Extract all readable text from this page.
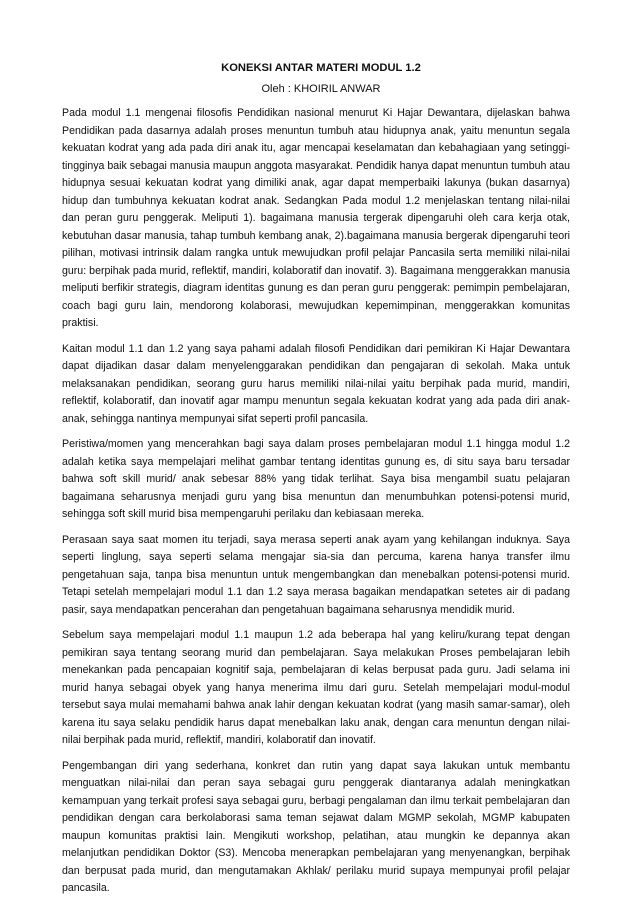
KONEKSI ANTAR MATERI MODUL 1.2
Oleh : KHOIRIL ANWAR

Pada modul 1.1 mengenai filosofis Pendidikan nasional menurut Ki Hajar Dewantara, dijelaskan bahwa Pendidikan pada dasarnya adalah proses menuntun tumbuh atau hidupnya anak, yaitu menuntun segala kekuatan kodrat yang ada pada diri anak itu, agar mencapai keselamatan dan kebahagiaan yang setinggi-tingginya baik sebagai manusia maupun anggota masyarakat. Pendidik hanya dapat menuntun tumbuh atau hidupnya sesuai kekuatan kodrat yang dimiliki anak, agar dapat memperbaiki lakunya (bukan dasarnya) hidup dan tumbuhnya kekuatan kodrat anak. Sedangkan Pada modul 1.2 menjelaskan tentang nilai-nilai dan peran guru penggerak. Meliputi 1). bagaimana manusia tergerak dipengaruhi oleh cara kerja otak, kebutuhan dasar manusia, tahap tumbuh kembang anak, 2).bagaimana manusia bergerak dipengaruhi teori pilihan, motivasi intrinsik dalam rangka untuk mewujudkan profil pelajar Pancasila serta memiliki nilai-nilai guru: berpihak pada murid, reflektif, mandiri, kolaboratif dan inovatif. 3). Bagaimana menggerakkan manusia meliputi berfikir strategis, diagram identitas gunung es dan peran guru penggerak: pemimpin pembelajaran, coach bagi guru lain, mendorong kolaborasi, mewujudkan kepemimpinan, menggerakkan komunitas praktisi.

Kaitan modul 1.1 dan 1.2 yang saya pahami adalah filosofi Pendidikan dari pemikiran Ki Hajar Dewantara dapat dijadikan dasar dalam menyelenggarakan pendidikan dan pengajaran di sekolah. Maka untuk melaksanakan pendidikan, seorang guru harus memiliki nilai-nilai yaitu berpihak pada murid, mandiri, reflektif, kolaboratif, dan inovatif agar mampu menuntun segala kekuatan kodrat yang ada pada diri anak-anak, sehingga nantinya mempunyai sifat seperti profil pancasila.

Peristiwa/momen yang mencerahkan bagi saya dalam proses pembelajaran modul 1.1 hingga modul 1.2 adalah ketika saya mempelajari melihat gambar tentang identitas gunung es, di situ saya baru tersadar bahwa soft skill murid/ anak sebesar 88% yang tidak terlihat. Saya bisa mengambil suatu pelajaran bagaimana seharusnya menjadi guru yang bisa menuntun dan menumbuhkan potensi-potensi murid, sehingga soft skill murid bisa mempengaruhi perilaku dan kebiasaan mereka.

Perasaan saya saat momen itu terjadi, saya merasa seperti anak ayam yang kehilangan induknya. Saya seperti linglung, saya seperti selama mengajar sia-sia dan percuma, karena hanya transfer ilmu pengetahuan saja, tanpa bisa menuntun untuk mengembangkan dan menebalkan potensi-potensi murid. Tetapi setelah mempelajari modul 1.1 dan 1.2 saya merasa bagaikan mendapatkan setetes air di padang pasir, saya mendapatkan pencerahan dan pengetahuan bagaimana seharusnya mendidik murid.

Sebelum saya mempelajari modul 1.1 maupun 1.2 ada beberapa hal yang keliru/kurang tepat dengan pemikiran saya tentang seorang murid dan pembelajaran. Saya melakukan Proses pembelajaran lebih menekankan pada pencapaian kognitif saja, pembelajaran di kelas berpusat pada guru. Jadi selama ini murid hanya sebagai obyek yang hanya menerima ilmu dari guru. Setelah mempelajari modul-modul tersebut saya mulai memahami bahwa anak lahir dengan kekuatan kodrat (yang masih samar-samar), oleh karena itu saya selaku pendidik harus dapat menebalkan laku anak, dengan cara menuntun dengan nilai-nilai berpihak pada murid, reflektif, mandiri, kolaboratif dan inovatif.

Pengembangan diri yang sederhana, konkret dan rutin yang dapat saya lakukan untuk membantu menguatkan nilai-nilai dan peran saya sebagai guru penggerak diantaranya adalah meningkatkan kemampuan yang terkait profesi saya sebagai guru, berbagi pengalaman dan ilmu terkait pembelajaran dan pendidikan dengan cara berkolaborasi sama teman sejawat dalam MGMP sekolah, MGMP kabupaten maupun komunitas praktisi lain. Mengikuti workshop, pelatihan, atau mungkin ke depannya akan melanjutkan pendidikan Doktor (S3). Mencoba menerapkan pembelajaran yang menyenangkan, berpihak dan berpusat pada murid, dan mengutamakan Akhlak/ perilaku murid supaya mempunyai profil pelajar pancasila.
